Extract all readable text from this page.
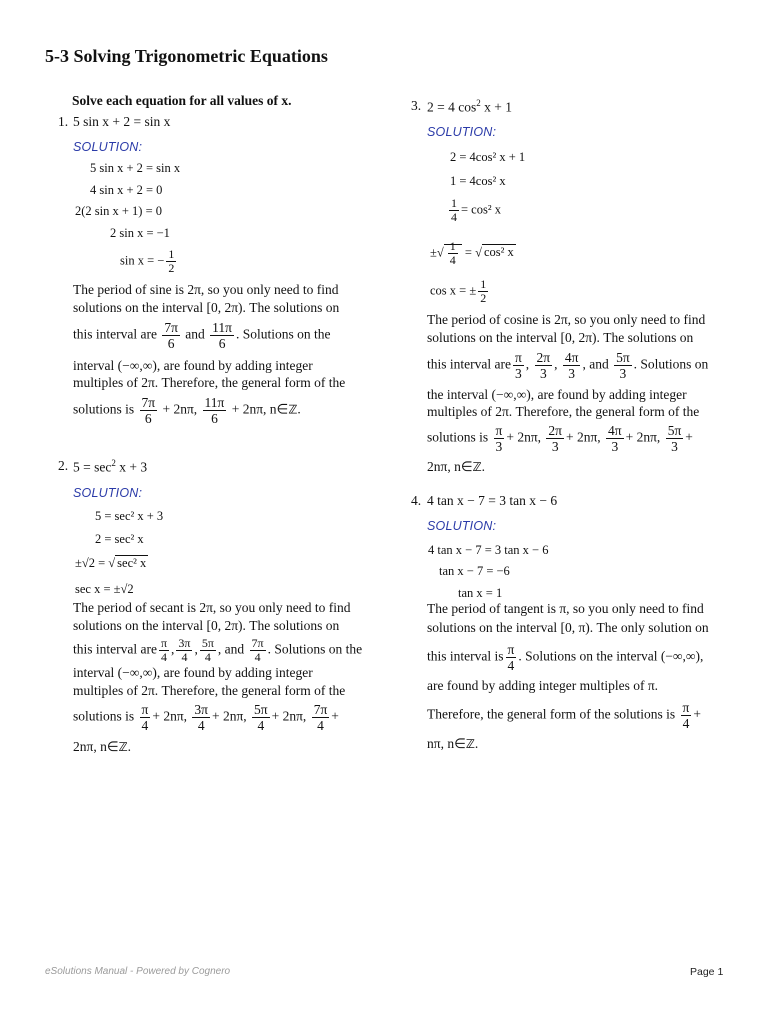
5-3 Solving Trigonometric Equations
Solve each equation for all values of x.
1. 5 sin x + 2 = sin x
SOLUTION:
5 sin x + 2 = sin x
4 sin x + 2 = 0
2(2 sin x + 1) = 0
2 sin x = −1
sin x = − $\frac{1}{2}$
The period of sine is 2π, so you only need to find
solutions on the interval [0, 2π). The solutions on
this interval are $\frac{7\pi}{6}$ and $\frac{11\pi}{6}$ . Solutions on the
interval (−∞,∞), are found by adding integer
multiples of 2π. Therefore, the general form of the
solutions is $\frac{7\pi}{6} + 2n\pi$, $\frac{11\pi}{6} + 2n\pi$, n∈ℤ.
2. $5 = \sec^2 x + 3$
SOLUTION:
5 = sec² x + 3
2 = sec² x
±√2 = √ sec² x
sec x = ±√2
The period of secant is 2π, so you only need to find
solutions on the interval [0, 2π). The solutions on
this interval are $\frac{\pi}{4}$ , $\frac{3\pi}{4}$ , $\frac{5\pi}{4}$ , and $\frac{7\pi}{4}$ . Solutions on the
interval (−∞,∞), are found by adding integer
multiples of 2π. Therefore, the general form of the
solutions is $\frac{\pi}{4} + 2n\pi$, $\frac{3\pi}{4} + 2n\pi$, $\frac{5\pi}{4} + 2n\pi$, $\frac{7\pi}{4}$ +
2nπ, n∈ℤ.
3. 2 = 4 $\cos^2 x + 1$
SOLUTION:
2 = 4cos² x + 1
1 = 4cos² x
$\frac{1}{4} = \cos^2$ x
±√ $\frac{1}{4}$ = √ cos² x
cos x = ± $\frac{1}{2}$
The period of cosine is 2π, so you only need to find
solutions on the interval [0, 2π). The solutions on
this interval are $\frac{\pi}{3}$ , $\frac{2\pi}{3}$ , $\frac{4\pi}{3}$ , and $\frac{5\pi}{3}$ . Solutions on
the interval (−∞,∞), are found by adding integer
multiples of 2π. Therefore, the general form of the
solutions is $\frac{\pi}{3} + 2n\pi$, $\frac{2\pi}{3} + 2n\pi$, $\frac{4\pi}{3} + 2n\pi$, $\frac{5\pi}{3}$ +
2nπ, n∈ℤ.
4. 4 tan x − 7 = 3 tan x − 6
SOLUTION:
4 tan x − 7 = 3 tan x − 6
tan x − 7 = −6
tan x = 1
The period of tangent is π, so you only need to find
solutions on the interval [0, π). The only solution on
this interval is $\frac{\pi}{4}$ . Solutions on the interval (−∞,∞),
are found by adding integer multiples of π.
Therefore, the general form of the solutions is $\frac{\pi}{4}$ +
nπ, n∈ℤ.
eSolutions Manual - Powered by Cognero	Page 1
